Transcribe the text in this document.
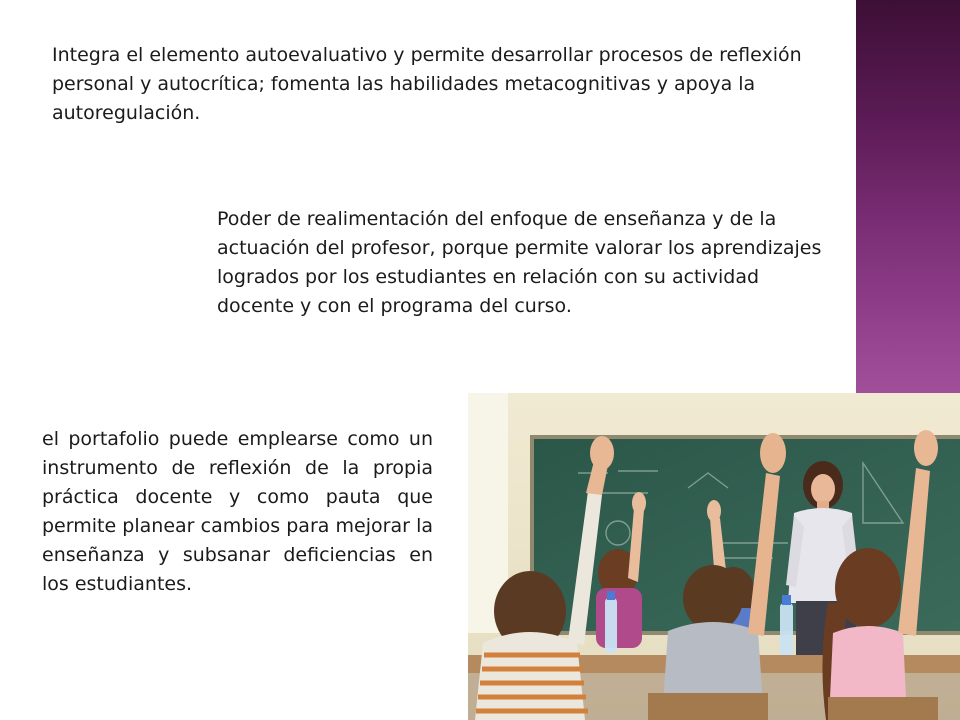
Integra el elemento autoevaluativo y permite desarrollar procesos de reflexión personal y autocrítica; fomenta las habilidades metacognitivas y apoya la autoregulación.

Poder de realimentación del enfoque de enseñanza y de la actuación del profesor, porque permite valorar los aprendizajes logrados por los estudiantes en relación con su actividad docente y con el programa del curso.

el portafolio puede emplearse como un instrumento de reflexión de la propia práctica docente y como pauta que permite planear cambios para mejorar la enseñanza y subsanar deficiencias en los estudiantes.
